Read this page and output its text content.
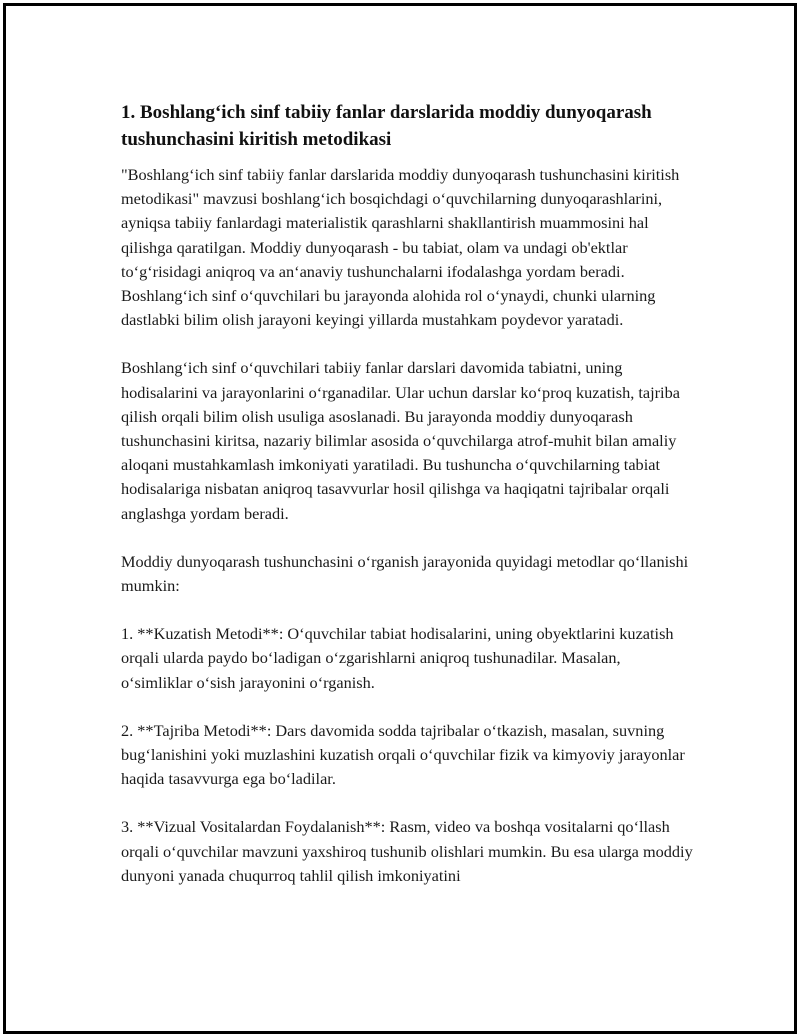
1. Boshlang‘ich sinf tabiiy fanlar darslarida moddiy dunyoqarash tushunchasini kiritish metodikasi

"Boshlang‘ich sinf tabiiy fanlar darslarida moddiy dunyoqarash tushunchasini kiritish metodikasi" mavzusi boshlang‘ich bosqichdagi o‘quvchilarning dunyoqarashlarini, ayniqsa tabiiy fanlardagi materialistik qarashlarni shakllantirish muammosini hal qilishga qaratilgan. Moddiy dunyoqarash - bu tabiat, olam va undagi ob'ektlar to‘g‘risidagi aniqroq va an‘anaviy tushunchalarni ifodalashga yordam beradi. Boshlang‘ich sinf o‘quvchilari bu jarayonda alohida rol o‘ynaydi, chunki ularning dastlabki bilim olish jarayoni keyingi yillarda mustahkam poydevor yaratadi.

Boshlang‘ich sinf o‘quvchilari tabiiy fanlar darslari davomida tabiatni, uning hodisalarini va jarayonlarini o‘rganadilar. Ular uchun darslar ko‘proq kuzatish, tajriba qilish orqali bilim olish usuliga asoslanadi. Bu jarayonda moddiy dunyoqarash tushunchasini kiritsa, nazariy bilimlar asosida o‘quvchilarga atrof-muhit bilan amaliy aloqani mustahkamlash imkoniyati yaratiladi. Bu tushuncha o‘quvchilarning tabiat hodisalariga nisbatan aniqroq tasavvurlar hosil qilishga va haqiqatni tajribalar orqali anglashga yordam beradi.

Moddiy dunyoqarash tushunchasini o‘rganish jarayonida quyidagi metodlar qo‘llanishi mumkin:

1. **Kuzatish Metodi**: O‘quvchilar tabiat hodisalarini, uning obyektlarini kuzatish orqali ularda paydo bo‘ladigan o‘zgarishlarni aniqroq tushunadilar. Masalan, o‘simliklar o‘sish jarayonini o‘rganish.

2. **Tajriba Metodi**: Dars davomida sodda tajribalar o‘tkazish, masalan, suvning bug‘lanishini yoki muzlashini kuzatish orqali o‘quvchilar fizik va kimyoviy jarayonlar haqida tasavvurga ega bo‘ladilar.

3. **Vizual Vositalardan Foydalanish**: Rasm, video va boshqa vositalarni qo‘llash orqali o‘quvchilar mavzuni yaxshiroq tushunib olishlari mumkin. Bu esa ularga moddiy dunyoni yanada chuqurroq tahlil qilish imkoniyatini
